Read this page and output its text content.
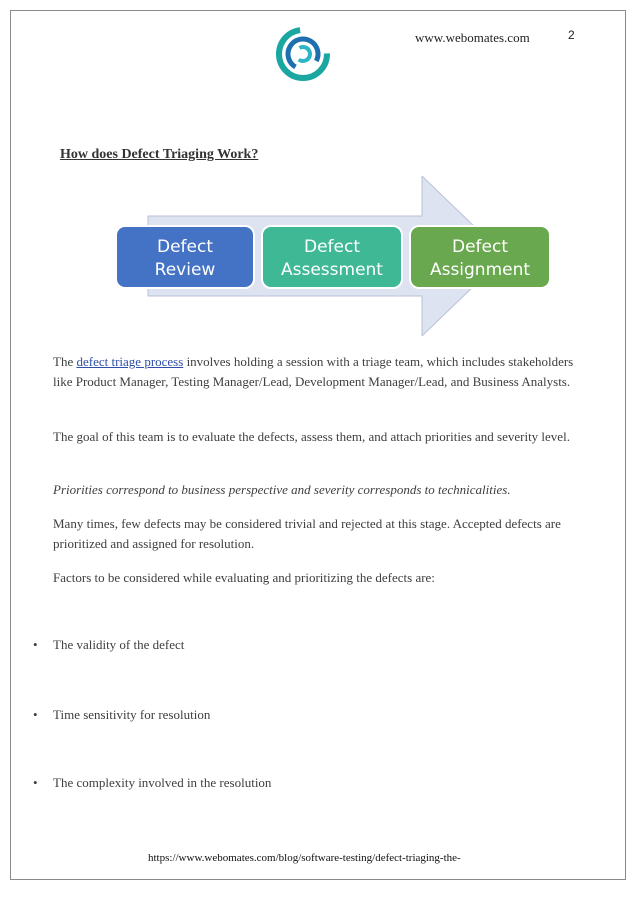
www.webomates.com	2
How does Defect Triaging Work?
Defect
Review
Defect
Assessment
Defect
Assignment
The defect triage process involves holding a session with a triage team, which includes stakeholders like Product Manager, Testing Manager/Lead, Development Manager/Lead, and Business Analysts.
The goal of this team is to evaluate the defects, assess them, and attach priorities and severity level.
Priorities correspond to business perspective and severity corresponds to technicalities.
Many times, few defects may be considered trivial and rejected at this stage. Accepted defects are prioritized and assigned for resolution.
Factors to be considered while evaluating and prioritizing the defects are:
• The validity of the defect
• Time sensitivity for resolution
• The complexity involved in the resolution
https://www.webomates.com/blog/software-testing/defect-triaging-the-
